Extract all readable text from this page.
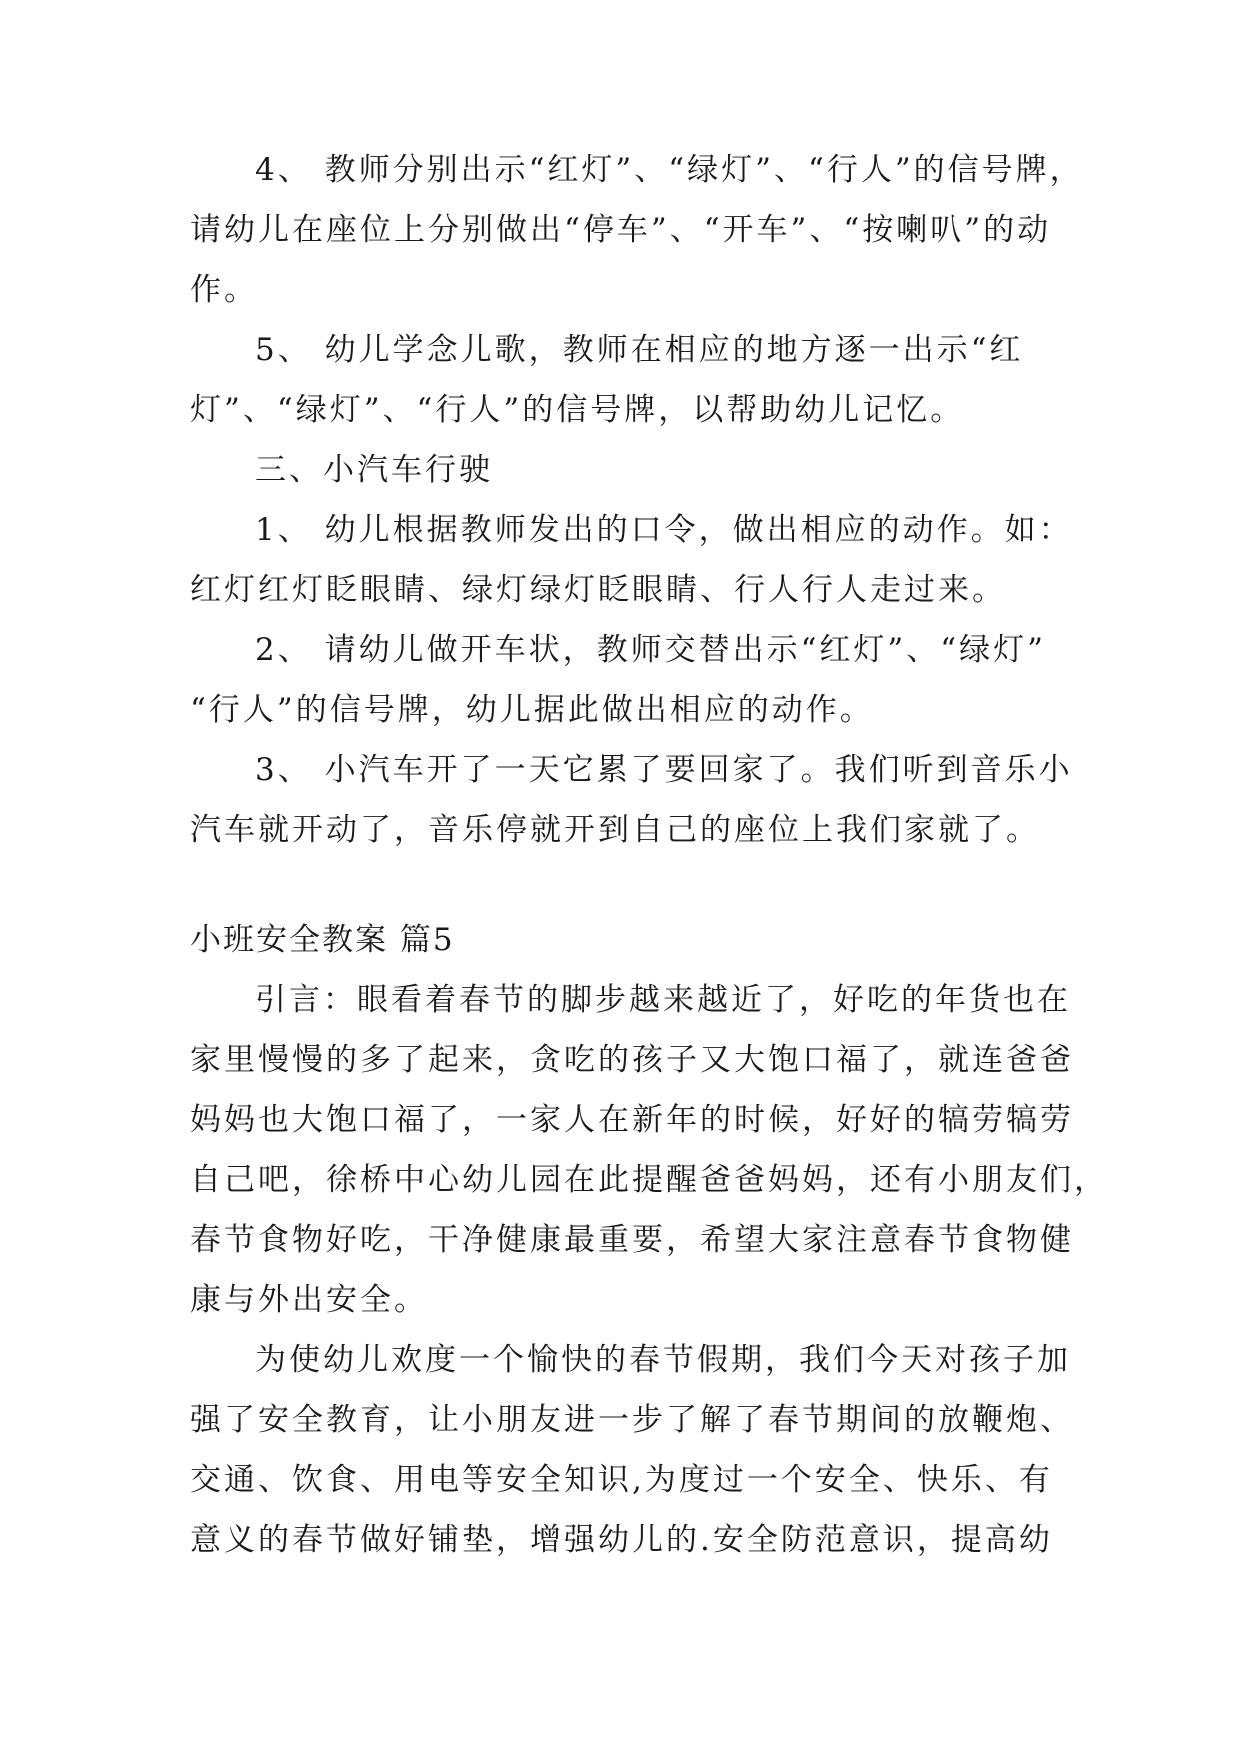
4、 教师分别出示“红灯”、“绿灯”、“行人”的信号牌，
请幼儿在座位上分别做出“停车”、“开车”、“按喇叭”的动
作。
5、 幼儿学念儿歌，教师在相应的地方逐一出示“红
灯”、“绿灯”、“行人”的信号牌，以帮助幼儿记忆。
三、小汽车行驶
1、 幼儿根据教师发出的口令，做出相应的动作。如：
红灯红灯眨眼睛、绿灯绿灯眨眼睛、行人行人走过来。
2、 请幼儿做开车状，教师交替出示“红灯”、“绿灯”
“行人”的信号牌，幼儿据此做出相应的动作。
3、 小汽车开了一天它累了要回家了。我们听到音乐小
汽车就开动了，音乐停就开到自己的座位上我们家就了。
小班安全教案 篇5
引言：眼看着春节的脚步越来越近了，好吃的年货也在
家里慢慢的多了起来，贪吃的孩子又大饱口福了，就连爸爸
妈妈也大饱口福了，一家人在新年的时候，好好的犒劳犒劳
自己吧，徐桥中心幼儿园在此提醒爸爸妈妈，还有小朋友们，
春节食物好吃，干净健康最重要，希望大家注意春节食物健
康与外出安全。
为使幼儿欢度一个愉快的春节假期，我们今天对孩子加
强了安全教育，让小朋友进一步了解了春节期间的放鞭炮、
交通、饮食、用电等安全知识,为度过一个安全、快乐、有
意义的春节做好铺垫，增强幼儿的.安全防范意识，提高幼
